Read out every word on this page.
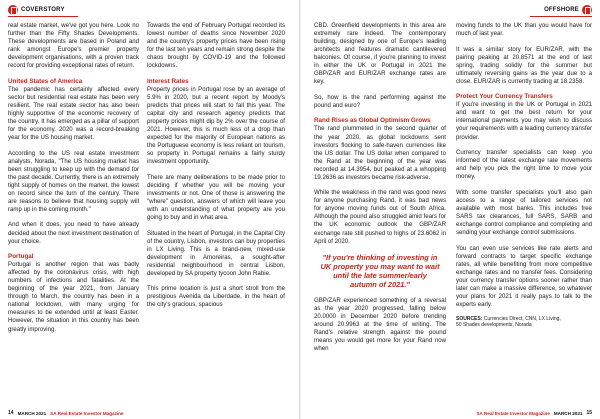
COVERSTORY	OFFSHORE

real estate market, we've got you here. Look no further than the Fifty Shades Developments. These developments are based in Poland and rank amongst Europe's premier property development organisations, with a proven track record for providing exceptional rates of return.

United States of America

The pandemic has certainly affected every sector but residential real estate has been very resilient. The real estate sector has also been highly supportive of the economic recovery of the country. It has emerged as a pillar of support for the economy. 2020 was a record-breaking year for the US housing market.

According to the US real estate investment analysts, Norada, "The US housing market has been struggling to keep up with the demand for the past decade. Currently, there is an extremely tight supply of homes on the market, the lowest on record since the turn of the century. There are reasons to believe that housing supply will ramp up in the coming month."

And when it does, you need to have already decided about the next investment destination of your choice.

Portugal

Portugal is another region that was badly affected by the coronavirus crisis, with high numbers of infections and fatalities. At the beginning of the year 2021, from January through to March, the country has been in a national lockdown, with many urging for measures to be extended until at least Easter. However, the situation in this country has been greatly improving.

Towards the end of February Portugal recorded its lowest number of deaths since November 2020 and the country's property prices have been rising for the last ten years and remain strong despite the chaos brought by COVID-19 and the followed lockdowns.

Interest Rates

Property prices in Portugal rose by an average of 5.9% in 2020, but a recent report by Moody's predicts that prices will start to fall this year. The capital city and research agency predicts that property prices might dip by 2% over the course of 2021. However, this is much less of a drop than expected for the majority of European nations as the Portuguese economy is less reliant on tourism, so property in Portugal remains a fairly sturdy investment opportunity.

There are many deliberations to be made prior to deciding if whether you will be moving your investments or not. One of those is answering the "where" question, answers of which will leave you with an understanding of what property are you going to buy and in what area.

Situated in the heart of Portugal, in the Capital City of the country, Lisbon, investors can buy properties in LX Living. This is a brand-new, mixed-use development in Amoreiras, a sought-after residential neighbourhood in central Lisbon, developed by SA property tycoon John Rabie.

This prime location is just a short stroll from the prestigious Avenida da Liberdade, in the heart of the city's gracious, spacious

CBD. Greenfield developments in this area are extremely rare indeed. The contemporary building, designed by one of Europe's leading architects and features dramatic cantilevered balconies. Of course, if you're planning to invest in either the UK or Portugal in 2021 the GBP/ZAR and EUR/ZAR exchange rates are key.

So, how is the rand performing against the pound and euro?

Rand Rises as Global Optimism Grows

The rand plummeted in the second quarter of the year 2020, as global lockdowns sent investors flocking to safe-haven currencies like the US dollar. The US dollar when compared to the Rand at the beginning of the year was recorded at 14.3954, but peaked at a whopping 19.2636 as investors became risk-adverse.

While the weakness in the rand was good news for anyone purchasing Rand, it was bad news for anyone moving funds out of South Africa. Although the pound also struggled amid fears for the UK economic outlook the GBP/ZAR exchange rate still pushed to highs of 23.6062 in April of 2020.

"If you're thinking of investing in UK property you may want to wait until the late summer/early autumn of 2021."

GBP/ZAR experienced something of a reversal as the year 2020 progressed, falling below 20.0000 in December 2020 before trending around 20.9963 at the time of writing. The Rand's relative strength against the pound means you would get more for your Rand now when

moving funds to the UK than you would have for much of last year.

It was a similar story for EUR/ZAR, with the pairing peaking at 20.8571 at the end of last spring, trading solidly for the summer but ultimately reversing gains as the year due to a close. EUR/ZAR is currently trading at 18.2358.

Protect Your Currency Transfers

If you're investing in the UK or Portugal in 2021 and want to get the best return for your international payments you may wish to discuss your requirements with a leading currency transfer provider.

Currency transfer specialists can keep you informed of the latest exchange rate movements and help you pick the right time to move your money.

With some transfer specialists you'll also gain access to a range of tailored services not available with most banks. This includes free SARS tax clearances, full SARS, SARB and exchange control compliance and completing and sending your exchange control submissions.

You can even use services like rate alerts and forward contracts to target specific exchange rates, all while benefiting from more competitive exchange rates and no transfer fees. Considering your currency transfer options sooner rather than later can make a massive difference, so whatever your plans for 2021 it really pays to talk to the experts early.

SOURCES: Currencies Direct, CNN, LX Living,
50 Shades developments, Norada
14 MARCH 2021 SA Real Estate Investor Magazine	SA Real Estate Investor Magazine MARCH 2021 15
